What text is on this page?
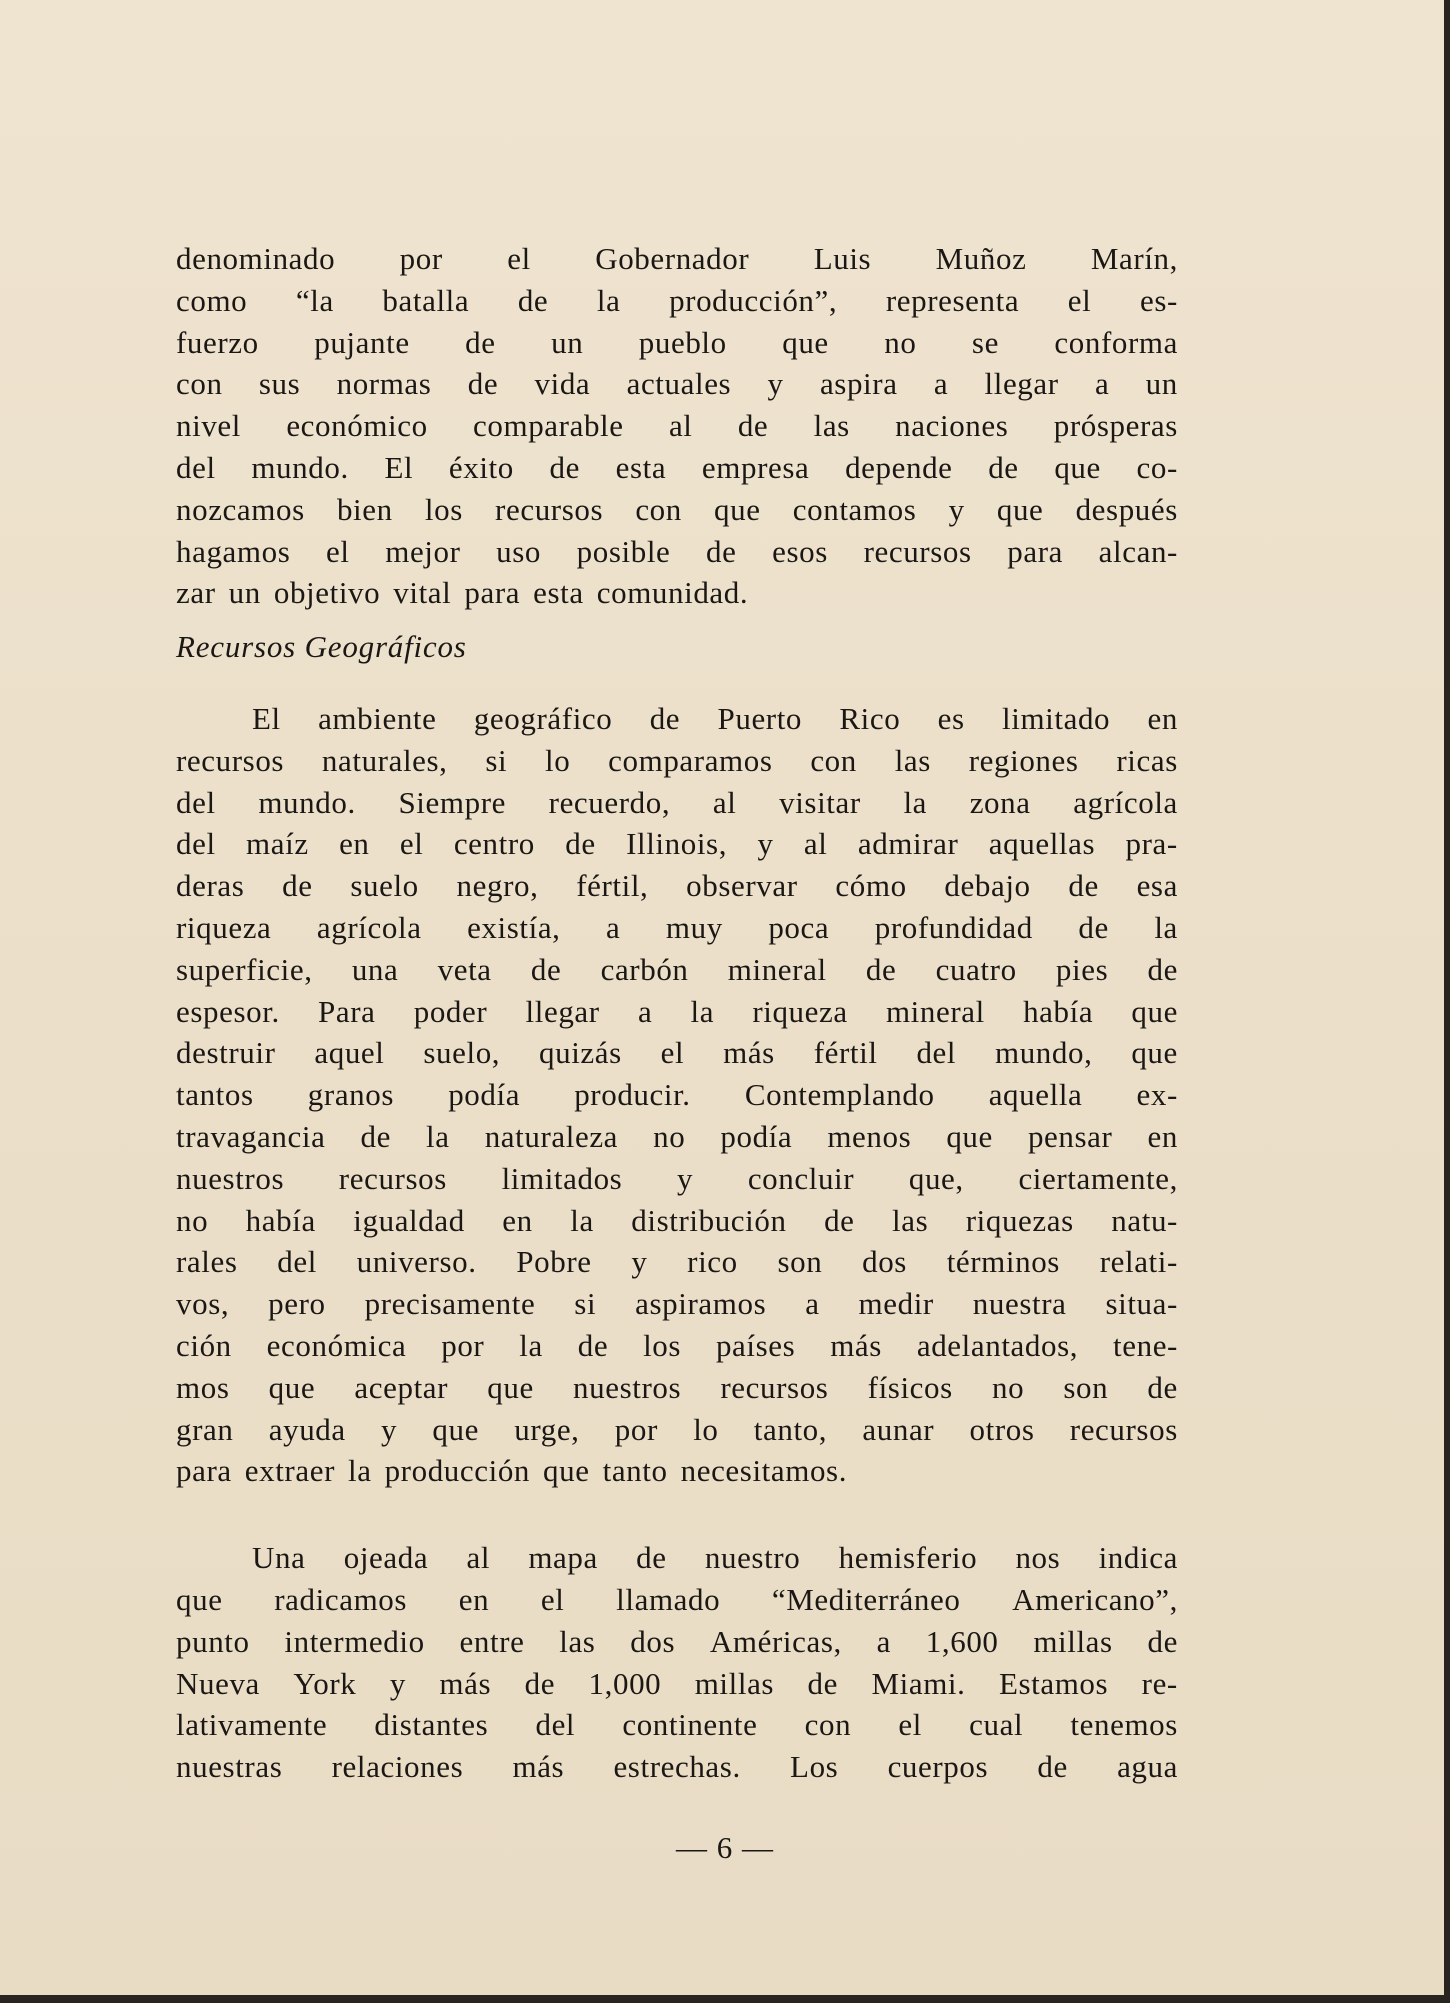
denominado por el Gobernador Luis Muñoz Marín,
como “la batalla de la producción”, representa el es-
fuerzo pujante de un pueblo que no se conforma
con sus normas de vida actuales y aspira a llegar a un
nivel económico comparable al de las naciones prósperas
del mundo. El éxito de esta empresa depende de que co-
nozcamos bien los recursos con que contamos y que después
hagamos el mejor uso posible de esos recursos para alcan-
zar un objetivo vital para esta comunidad.
Recursos Geográficos
El ambiente geográfico de Puerto Rico es limitado en
recursos naturales, si lo comparamos con las regiones ricas
del mundo. Siempre recuerdo, al visitar la zona agrícola
del maíz en el centro de Illinois, y al admirar aquellas pra-
deras de suelo negro, fértil, observar cómo debajo de esa
riqueza agrícola existía, a muy poca profundidad de la
superficie, una veta de carbón mineral de cuatro pies de
espesor. Para poder llegar a la riqueza mineral había que
destruir aquel suelo, quizás el más fértil del mundo, que
tantos granos podía producir. Contemplando aquella ex-
travagancia de la naturaleza no podía menos que pensar en
nuestros recursos limitados y concluir que, ciertamente,
no había igualdad en la distribución de las riquezas natu-
rales del universo. Pobre y rico son dos términos relati-
vos, pero precisamente si aspiramos a medir nuestra situa-
ción económica por la de los países más adelantados, tene-
mos que aceptar que nuestros recursos físicos no son de
gran ayuda y que urge, por lo tanto, aunar otros recursos
para extraer la producción que tanto necesitamos.
Una ojeada al mapa de nuestro hemisferio nos indica
que radicamos en el llamado “Mediterráneo Americano”,
punto intermedio entre las dos Américas, a 1,600 millas de
Nueva York y más de 1,000 millas de Miami. Estamos re-
lativamente distantes del continente con el cual tenemos
nuestras relaciones más estrechas. Los cuerpos de agua
— 6 —
